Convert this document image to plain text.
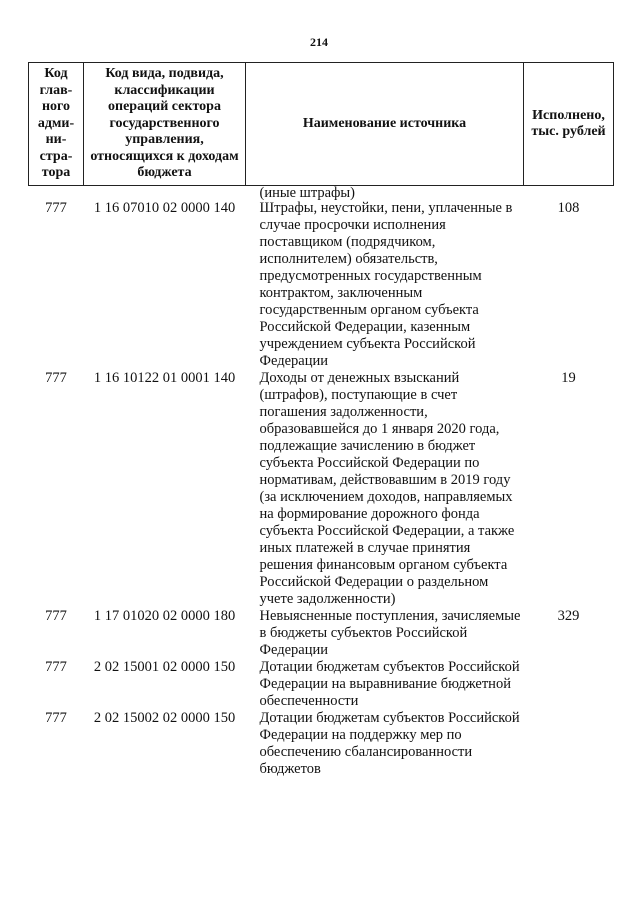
214
Код глав-ного адми-ни-стра-тора	Код вида, подвида, классификации операций сектора государственного управления, относящихся к доходам бюджета	Наименование источника	Исполнено, тыс. рублей
		(иные штрафы)	
777	1 16 07010 02 0000 140	Штрафы, неустойки, пени, уплаченные в случае просрочки исполнения поставщиком (подрядчиком, исполнителем) обязательств, предусмотренных государственным контрактом, заключенным государственным органом субъекта Российской Федерации, казенным учреждением субъекта Российской Федерации	108
777	1 16 10122 01 0001 140	Доходы от денежных взысканий (штрафов), поступающие в счет погашения задолженности, образовавшейся до 1 января 2020 года, подлежащие зачислению в бюджет субъекта Российской Федерации по нормативам, действовавшим в 2019 году (за исключением доходов, направляемых на формирование дорожного фонда субъекта Российской Федерации, а также иных платежей в случае принятия решения финансовым органом субъекта Российской Федерации о раздельном учете задолженности)	19
777	1 17 01020 02 0000 180	Невыясненные поступления, зачисляемые в бюджеты субъектов Российской Федерации	329
777	2 02 15001 02 0000 150	Дотации бюджетам субъектов Российской Федерации на выравнивание бюджетной обеспеченности	
777	2 02 15002 02 0000 150	Дотации бюджетам субъектов Российской Федерации на поддержку мер по обеспечению сбалансированности бюджетов	
